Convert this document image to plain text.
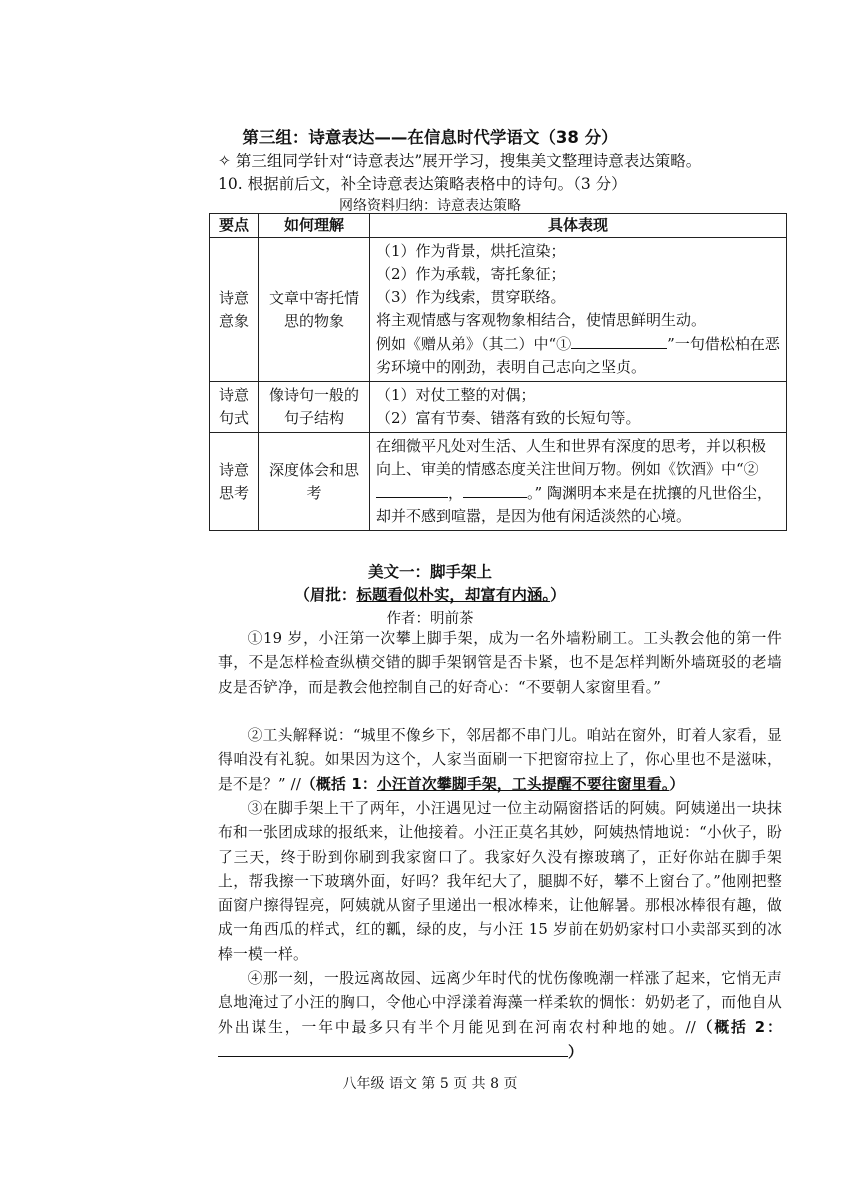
第三组：诗意表达——在信息时代学语文（38 分）
✧ 第三组同学针对“诗意表达”展开学习，搜集美文整理诗意表达策略。
10. 根据前后文，补全诗意表达策略表格中的诗句。（3 分）
网络资料归纳：诗意表达策略
要点	如何理解	具体表现
诗意意象	文章中寄托情思的物象	（1）作为背景，烘托渲染；
（2）作为承载，寄托象征；
（3）作为线索，贯穿联络。
将主观情感与客观物象相结合，使情思鲜明生动。
例如《赠从弟》（其二）中“① ”一句借松柏在恶劣环境中的刚劲，表明自己志向之坚贞。

诗意句式	像诗句一般的句子结构	（1）对仗工整的对偶；
（2）富有节奏、错落有致的长短句等。

诗意思考	深度体会和思考	在细微平凡处对生活、人生和世界有深度的思考，并以积极向上、审美的情感态度关注世间万物。例如《饮酒》中“②， 。” 陶渊明本来是在扰攘的凡世俗尘，却并不感到喧嚣，是因为他有闲适淡然的心境。
美文一：脚手架上
（眉批：标题看似朴实，却富有内涵。）
作者：明前茶
①19 岁，小汪第一次攀上脚手架，成为一名外墙粉刷工。工头教会他的第一件事，不是怎样检查纵横交错的脚手架钢管是否卡紧，也不是怎样判断外墙斑驳的老墙皮是否铲净，而是教会他控制自己的好奇心：“不要朝人家窗里看。”
②工头解释说：“城里不像乡下，邻居都不串门儿。咱站在窗外，盯着人家看，显得咱没有礼貌。如果因为这个，人家当面刷一下把窗帘拉上了，你心里也不是滋味，是不是？” //（概括 1：小汪首次攀脚手架，工头提醒不要往窗里看。）
③在脚手架上干了两年，小汪遇见过一位主动隔窗搭话的阿姨。阿姨递出一块抹布和一张团成球的报纸来，让他接着。小汪正莫名其妙，阿姨热情地说：“小伙子，盼了三天，终于盼到你刷到我家窗口了。我家好久没有擦玻璃了，正好你站在脚手架上，帮我擦一下玻璃外面，好吗？我年纪大了，腿脚不好，攀不上窗台了。”他刚把整面窗户擦得锃亮，阿姨就从窗子里递出一根冰棒来，让他解暑。那根冰棒很有趣，做成一角西瓜的样式，红的瓤，绿的皮，与小汪 15 岁前在奶奶家村口小卖部买到的冰棒一模一样。
④那一刻，一股远离故园、远离少年时代的忧伤像晚潮一样涨了起来，它悄无声息地淹过了小汪的胸口，令他心中浮漾着海藻一样柔软的惆怅：奶奶老了，而他自从外出谋生，一年中最多只有半个月能见到在河南农村种地的她。//（概括 2：）
八年级 语文 第 5 页 共 8 页
